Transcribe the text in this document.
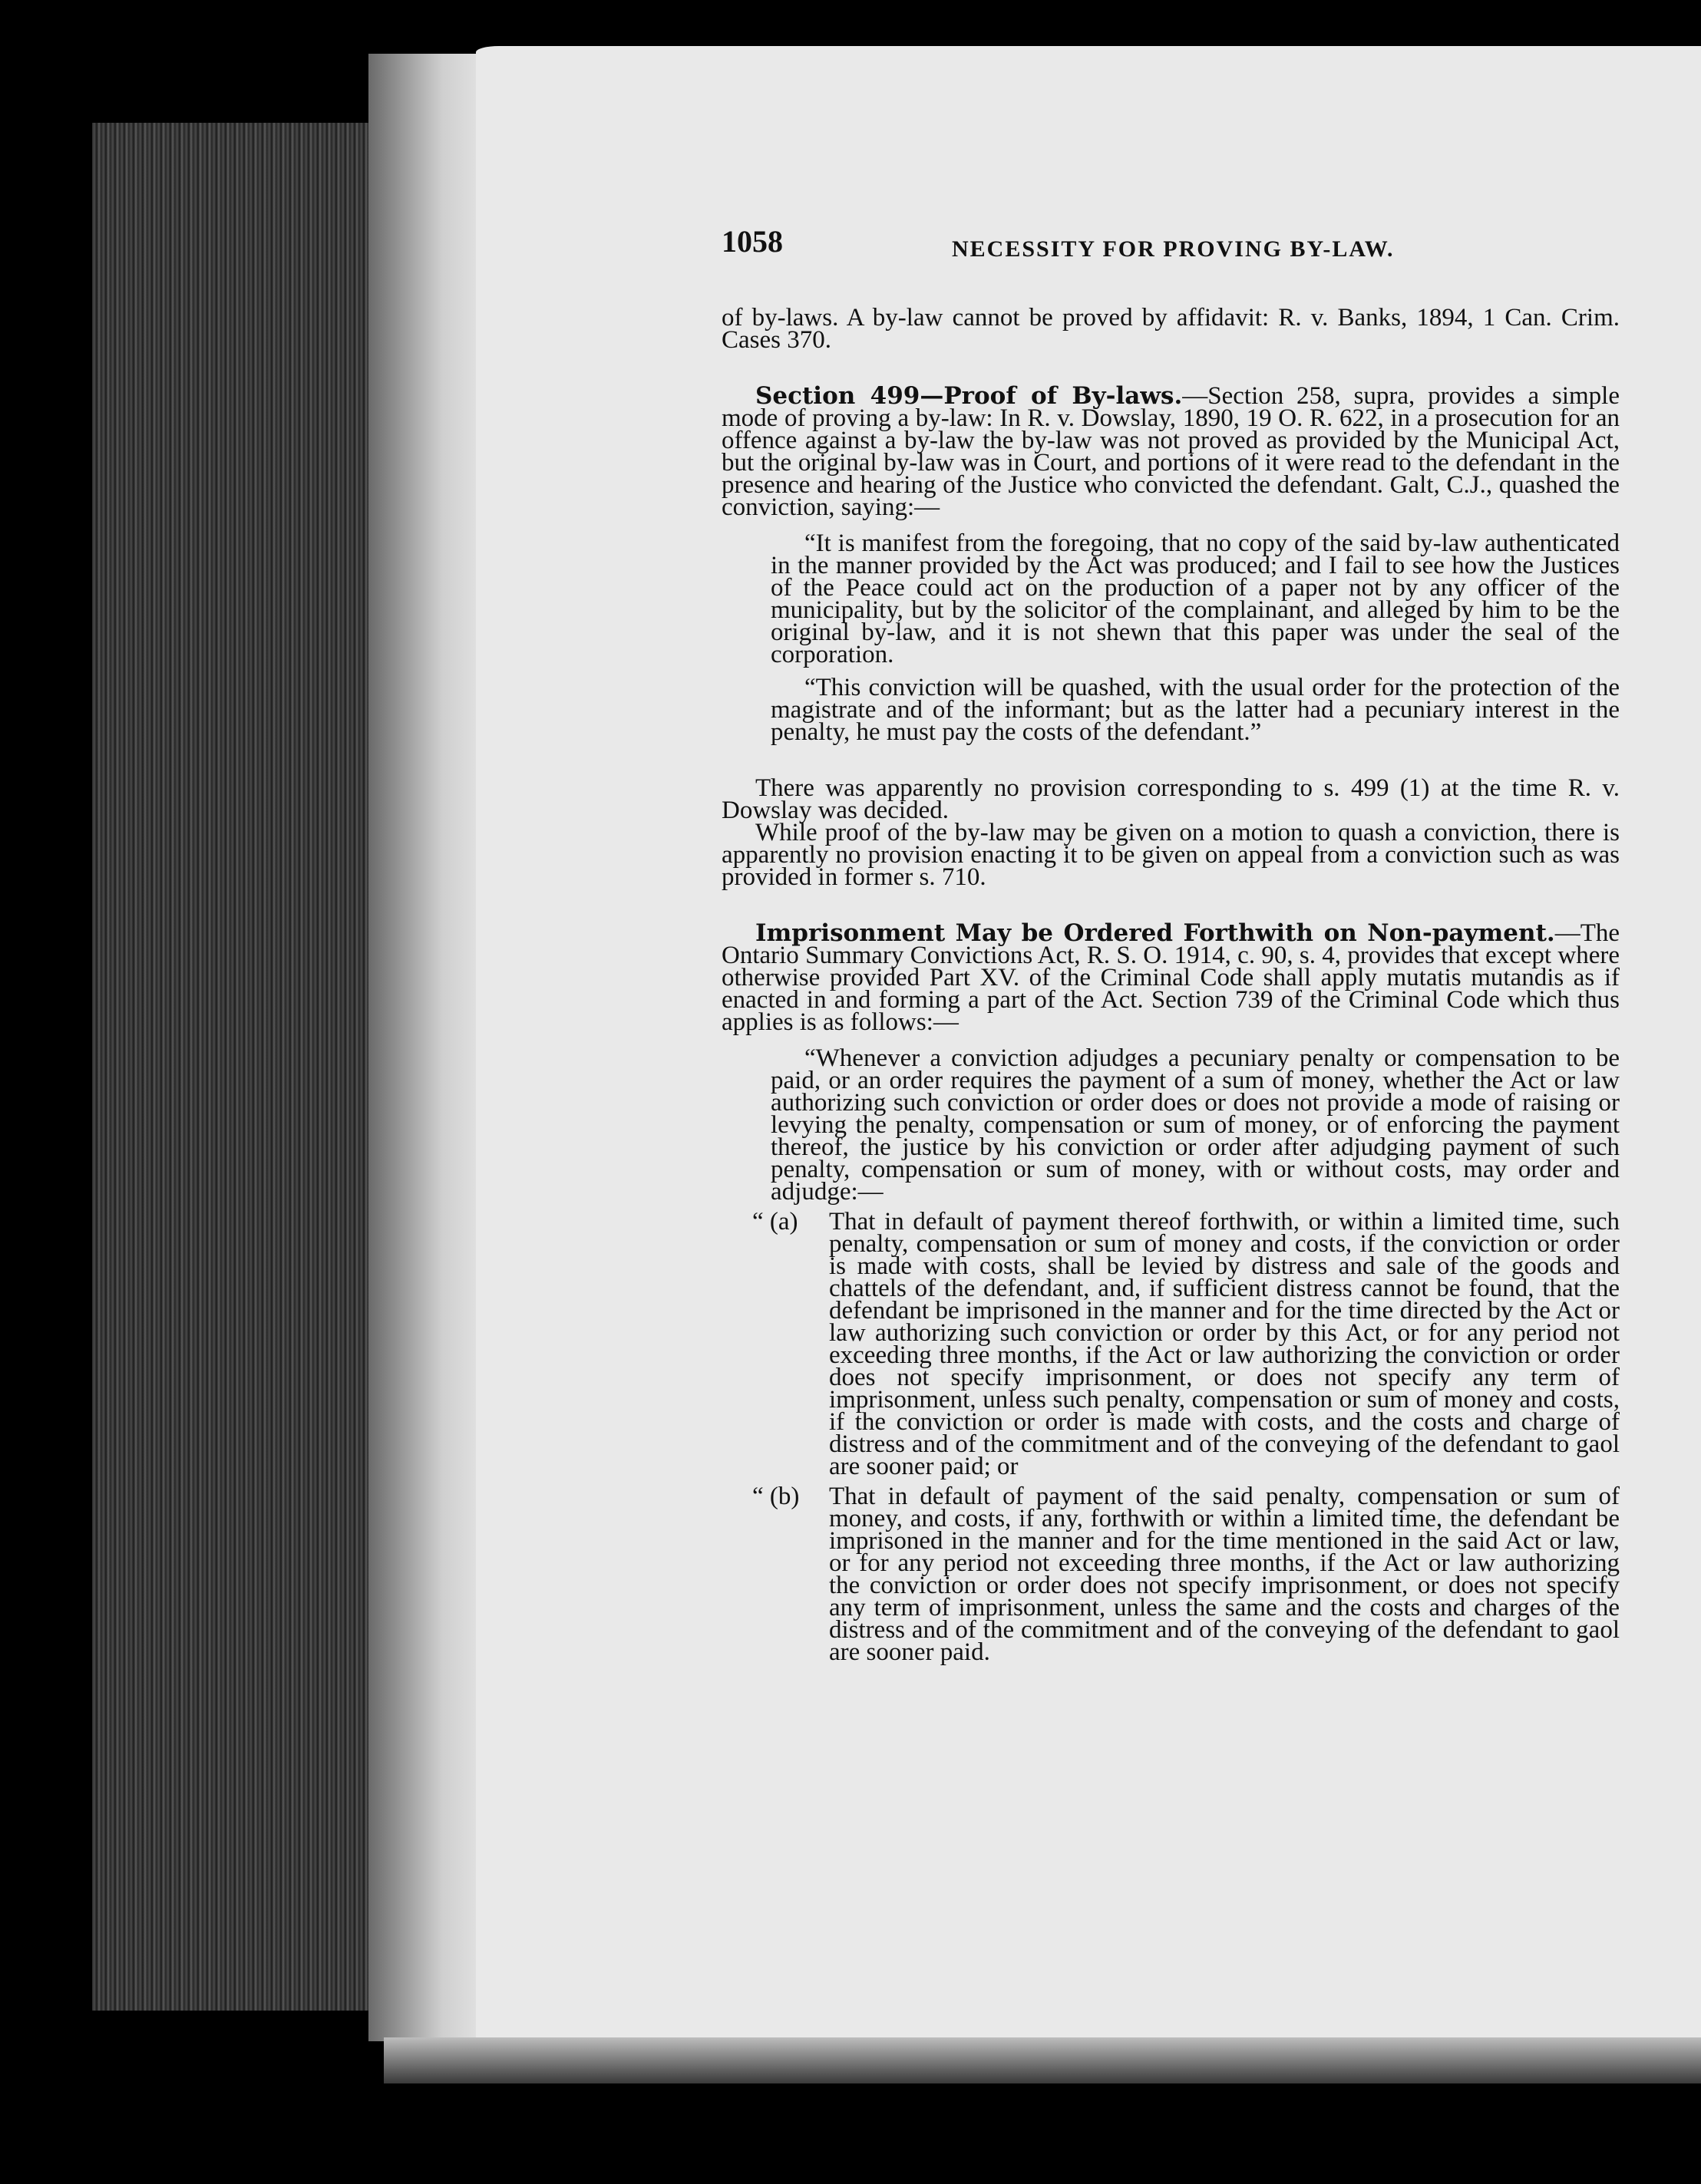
1058	NECESSITY FOR PROVING BY-LAW.

of by-laws. A by-law cannot be proved by affidavit: R. v. Banks, 1894, 1 Can. Crim. Cases 370.

Section 499—Proof of By-laws.—Section 258, supra, provides a simple mode of proving a by-law: In R. v. Dowslay, 1890, 19 O. R. 622, in a prosecution for an offence against a by-law the by-law was not proved as provided by the Municipal Act, but the original by-law was in Court, and portions of it were read to the defendant in the presence and hearing of the Justice who convicted the defendant. Galt, C.J., quashed the conviction, saying:—

“It is manifest from the foregoing, that no copy of the said by-law authenticated in the manner provided by the Act was produced; and I fail to see how the Justices of the Peace could act on the production of a paper not by any officer of the municipality, but by the solicitor of the complainant, and alleged by him to be the original by-law, and it is not shewn that this paper was under the seal of the corporation.

“This conviction will be quashed, with the usual order for the protection of the magistrate and of the informant; but as the latter had a pecuniary interest in the penalty, he must pay the costs of the defendant.”

There was apparently no provision corresponding to s. 499 (1) at the time R. v. Dowslay was decided.

While proof of the by-law may be given on a motion to quash a conviction, there is apparently no provision enacting it to be given on appeal from a conviction such as was provided in former s. 710.

Imprisonment May be Ordered Forthwith on Non-payment.—The Ontario Summary Convictions Act, R. S. O. 1914, c. 90, s. 4, provides that except where otherwise provided Part XV. of the Criminal Code shall apply mutatis mutandis as if enacted in and forming a part of the Act. Section 739 of the Criminal Code which thus applies is as follows:—

“Whenever a conviction adjudges a pecuniary penalty or compensation to be paid, or an order requires the payment of a sum of money, whether the Act or law authorizing such conviction or order does or does not provide a mode of raising or levying the penalty, compensation or sum of money, or of enforcing the payment thereof, the justice by his conviction or order after adjudging payment of such penalty, compensation or sum of money, with or without costs, may order and adjudge:—

“ (a)	That in default of payment thereof forthwith, or within a limited time, such penalty, compensation or sum of money and costs, if the conviction or order is made with costs, shall be levied by distress and sale of the goods and chattels of the defendant, and, if sufficient distress cannot be found, that the defendant be imprisoned in the manner and for the time directed by the Act or law authorizing such conviction or order by this Act, or for any period not exceeding three months, if the Act or law authorizing the conviction or order does not specify imprisonment, or does not specify any term of imprisonment, unless such penalty, compensation or sum of money and costs, if the conviction or order is made with costs, and the costs and charge of distress and of the commitment and of the conveying of the defendant to gaol are sooner paid; or
“ (b)	That in default of payment of the said penalty, compensation or sum of money, and costs, if any, forthwith or within a limited time, the defendant be imprisoned in the manner and for the time mentioned in the said Act or law, or for any period not exceeding three months, if the Act or law authorizing the conviction or order does not specify imprisonment, or does not specify any term of imprisonment, unless the same and the costs and charges of the distress and of the commitment and of the conveying of the defendant to gaol are sooner paid.
